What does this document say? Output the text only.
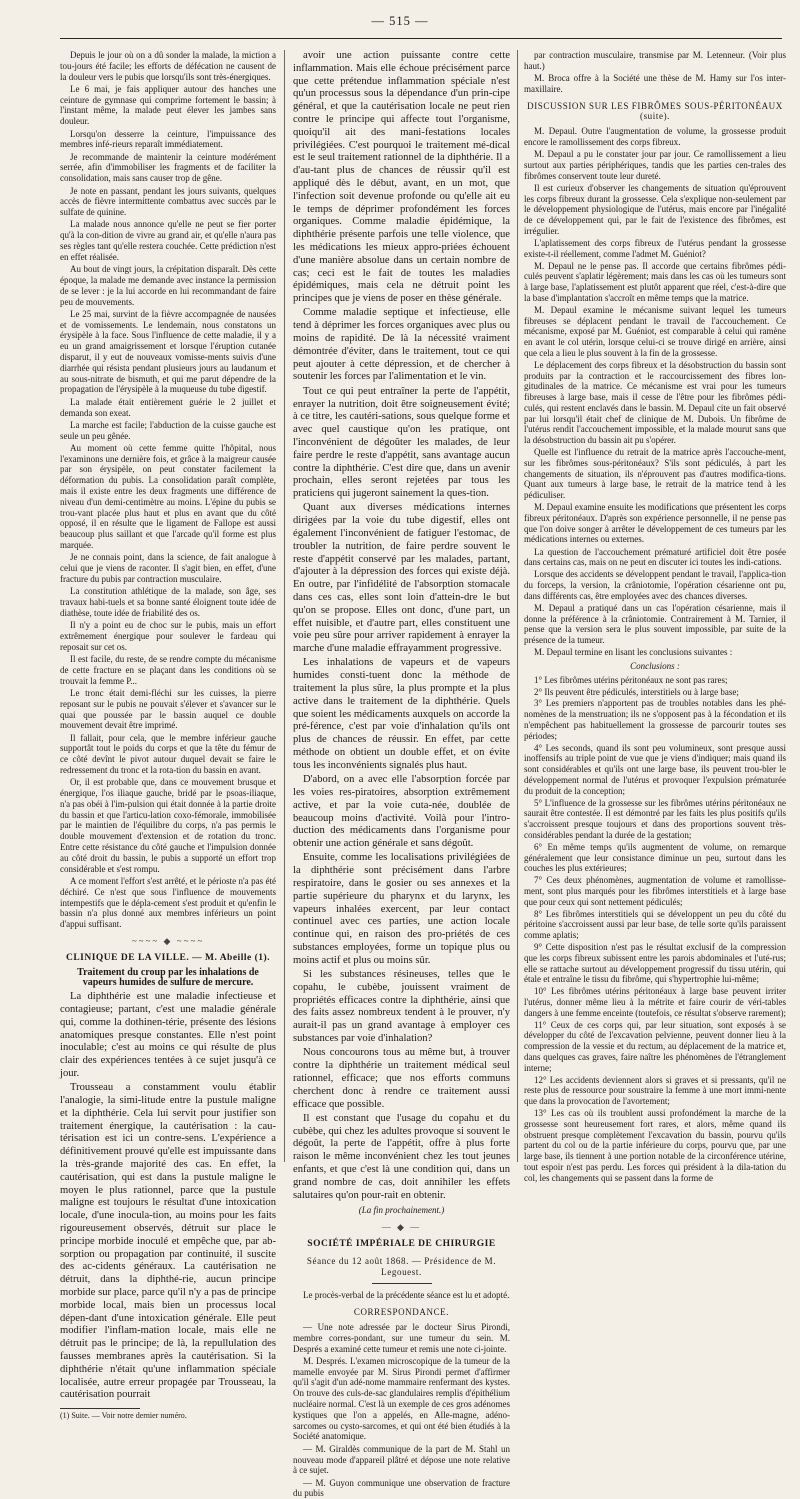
— 515 —

Depuis le jour où on a dû sonder la malade, la miction a tou-jours été facile; les efforts de défécation ne causent de la douleur vers le pubis que lorsqu'ils sont très-énergiques.

Le 6 mai, je fais appliquer autour des hanches une ceinture de gymnase qui comprime fortement le bassin; à l'instant même, la malade peut élever les jambes sans douleur.

Lorsqu'on desserre la ceinture, l'impuissance des membres infé-rieurs reparaît immédiatement.

Je recommande de maintenir la ceinture modérément serrée, afin d'immobiliser les fragments et de faciliter la consolidation, mais sans causer trop de gêne.

Je note en passant, pendant les jours suivants, quelques accès de fièvre intermittente combattus avec succès par le sulfate de quinine.

La malade nous annonce qu'elle ne peut se fier porter qu'à la con-dition de vivre au grand air, et qu'elle n'aura pas ses règles tant qu'elle restera couchée. Cette prédiction n'est en effet réalisée.

Au bout de vingt jours, la crépitation disparaît. Dès cette époque, la malade me demande avec instance la permission de se lever : je la lui accorde en lui recommandant de faire peu de mouvements.

Le 25 mai, survint de la fièvre accompagnée de nausées et de vomissements. Le lendemain, nous constatons un érysipèle à la face. Sous l'influence de cette maladie, il y a eu un grand amaigrissement et lorsque l'éruption cutanée disparut, il y eut de nouveaux vomisse-ments suivis d'une diarrhée qui résista pendant plusieurs jours au laudanum et au sous-nitrate de bismuth, et qui me parut dépendre de la propagation de l'érysipèle à la muqueuse du tube digestif.

La malade était entièrement guérie le 2 juillet et demanda son exeat.

La marche est facile; l'abduction de la cuisse gauche est seule un peu gênée.

Au moment où cette femme quitte l'hôpital, nous l'examinons une dernière fois, et grâce à la maigreur causée par son érysipèle, on peut constater facilement la déformation du pubis. La consolidation paraît complète, mais il existe entre les deux fragments une différence de niveau d'un demi-centimètre au moins. L'épine du pubis se trou-vant placée plus haut et plus en avant que du côté opposé, il en résulte que le ligament de Fallope est aussi beaucoup plus saillant et que l'arcade qu'il forme est plus marquée.

Je ne connais point, dans la science, de fait analogue à celui que je viens de raconter. Il s'agit bien, en effet, d'une fracture du pubis par contraction musculaire.

La constitution athlétique de la malade, son âge, ses travaux habi-tuels et sa bonne santé éloignent toute idée de diathèse, toute idée de friabilité des os.

Il n'y a point eu de choc sur le pubis, mais un effort extrêmement énergique pour soulever le fardeau qui reposait sur cet os.

Il est facile, du reste, de se rendre compte du mécanisme de cette fracture en se plaçant dans les conditions où se trouvait la femme P...

Le tronc était demi-fléchi sur les cuisses, la pierre reposant sur le pubis ne pouvait s'élever et s'avancer sur le quai que poussée par le bassin auquel ce double mouvement devait être imprimé.

Il fallait, pour cela, que le membre inférieur gauche supportât tout le poids du corps et que la tête du fémur de ce côté devînt le pivot autour duquel devait se faire le redressement du tronc et la rota-tion du bassin en avant.

Or, il est probable que, dans ce mouvement brusque et énergique, l'os iliaque gauche, bridé par le psoas-iliaque, n'a pas obéi à l'im-pulsion qui était donnée à la partie droite du bassin et que l'articu-lation coxo-fémorale, immobilisée par le maintien de l'équilibre du corps, n'a pas permis le double mouvement d'extension et de rotation du tronc. Entre cette résistance du côté gauche et l'impulsion donnée au côté droit du bassin, le pubis a supporté un effort trop considérable et s'est rompu.

A ce moment l'effort s'est arrêté, et le périoste n'a pas été déchiré. Ce n'est que sous l'influence de mouvements intempestifs que le dépla-cement s'est produit et qu'enfin le bassin n'a plus donné aux membres inférieurs un point d'appui suffisant.

~~~~ ◆ ~~~~
CLINIQUE DE LA VILLE. — M. Abeille (1).
Traitement du croup par les inhalations de vapeurs humides de sulfure de mercure.

La diphthérie est une maladie infectieuse et contagieuse; partant, c'est une maladie générale qui, comme la dothinen-térie, présente des lésions anatomiques presque constantes. Elle n'est point inoculable; c'est au moins ce qui résulte de plus clair des expériences tentées à ce sujet jusqu'à ce jour.

Trousseau a constamment voulu établir l'analogie, la simi-litude entre la pustule maligne et la diphthérie. Cela lui servit pour justifier son traitement énergique, la cautérisation : la cau-térisation est ici un contre-sens. L'expérience a définitivement prouvé qu'elle est impuissante dans la très-grande majorité des cas. En effet, la cautérisation, qui est dans la pustule maligne le moyen le plus rationnel, parce que la pustule maligne est toujours le résultat d'une intoxication locale, d'une inocula-tion, au moins pour les faits rigoureusement observés, détruit sur place le principe morbide inoculé et empêche que, par ab-sorption ou propagation par continuité, il suscite des ac-cidents généraux. La cautérisation ne détruit, dans la diphthé-rie, aucun principe morbide sur place, parce qu'il n'y a pas de principe morbide local, mais bien un processus local dépen-dant d'une intoxication générale. Elle peut modifier l'inflam-mation locale, mais elle ne détruit pas le principe; de là, la repullulation des fausses membranes après la cautérisation. Si la diphthérie n'était qu'une inflammation spéciale localisée, autre erreur propagée par Trousseau, la cautérisation pourrait

(1) Suite. — Voir notre dernier numéro.

avoir une action puissante contre cette inflammation. Mais elle échoue précisément parce que cette prétendue inflammation spéciale n'est qu'un processus sous la dépendance d'un prin-cipe général, et que la cautérisation locale ne peut rien contre le principe qui affecte tout l'organisme, quoiqu'il ait des mani-festations locales privilégiées. C'est pourquoi le traitement mé-dical est le seul traitement rationnel de la diphthérie. Il a d'au-tant plus de chances de réussir qu'il est appliqué dès le début, avant, en un mot, que l'infection soit devenue profonde ou qu'elle ait eu le temps de déprimer profondément les forces organiques. Comme maladie épidémique, la diphthérie présente parfois une telle violence, que les médications les mieux appro-priées échouent d'une manière absolue dans un certain nombre de cas; ceci est le fait de toutes les maladies épidémiques, mais cela ne détruit point les principes que je viens de poser en thèse générale.

Comme maladie septique et infectieuse, elle tend à déprimer les forces organiques avec plus ou moins de rapidité. De là la nécessité vraiment démontrée d'éviter, dans le traitement, tout ce qui peut ajouter à cette dépression, et de chercher à soutenir les forces par l'alimentation et le vin.

Tout ce qui peut entraîner la perte de l'appétit, enrayer la nutrition, doit être soigneusement évité; à ce titre, les cautéri-sations, sous quelque forme et avec quel caustique qu'on les pratique, ont l'inconvénient de dégoûter les malades, de leur faire perdre le reste d'appétit, sans avantage aucun contre la diphthérie. C'est dire que, dans un avenir prochain, elles seront rejetées par tous les praticiens qui jugeront sainement la ques-tion.

Quant aux diverses médications internes dirigées par la voie du tube digestif, elles ont également l'inconvénient de fatiguer l'estomac, de troubler la nutrition, de faire perdre souvent le reste d'appétit conservé par les malades, partant, d'ajouter à la dépression des forces qui existe déjà. En outre, par l'infidélité de l'absorption stomacale dans ces cas, elles sont loin d'attein-dre le but qu'on se propose. Elles ont donc, d'une part, un effet nuisible, et d'autre part, elles constituent une voie peu sûre pour arriver rapidement à enrayer la marche d'une maladie effrayamment progressive.

Les inhalations de vapeurs et de vapeurs humides consti-tuent donc la méthode de traitement la plus sûre, la plus prompte et la plus active dans le traitement de la diphthérie. Quels que soient les médicaments auxquels on accorde la pré-férence, c'est par voie d'inhalation qu'ils ont plus de chances de réussir. En effet, par cette méthode on obtient un double effet, et on évite tous les inconvénients signalés plus haut.

D'abord, on a avec elle l'absorption forcée par les voies res-piratoires, absorption extrêmement active, et par la voie cuta-née, doublée de beaucoup moins d'activité. Voilà pour l'intro-duction des médicaments dans l'organisme pour obtenir une action générale et sans dégoût.

Ensuite, comme les localisations privilégiées de la diphthérie sont précisément dans l'arbre respiratoire, dans le gosier ou ses annexes et la partie supérieure du pharynx et du larynx, les vapeurs inhalées exercent, par leur contact continuel avec ces parties, une action locale continue qui, en raison des pro-priétés de ces substances employées, forme un topique plus ou moins actif et plus ou moins sûr.

Si les substances résineuses, telles que le copahu, le cubèbe, jouissent vraiment de propriétés efficaces contre la diphthérie, ainsi que des faits assez nombreux tendent à le prouver, n'y aurait-il pas un grand avantage à employer ces substances par voie d'inhalation?

Nous concourons tous au même but, à trouver contre la diphthérie un traitement médical seul rationnel, efficace; que nos efforts communs cherchent donc à rendre ce traitement aussi efficace que possible.

Il est constant que l'usage du copahu et du cubèbe, qui chez les adultes provoque si souvent le dégoût, la perte de l'appétit, offre à plus forte raison le même inconvénient chez les tout jeunes enfants, et que c'est là une condition qui, dans un grand nombre de cas, doit annihiler les effets salutaires qu'on pour-rait en obtenir.

(La fin prochainement.)
— ◆ —
SOCIÉTÉ IMPÉRIALE DE CHIRURGIE
Séance du 12 août 1868. — Présidence de M. Legouest.

Le procès-verbal de la précédente séance est lu et adopté.

CORRESPONDANCE.

— Une note adressée par le docteur Sirus Pirondi, membre corres-pondant, sur une tumeur du sein. M. Després a examiné cette tumeur et remis une note ci-jointe.

M. Després. L'examen microscopique de la tumeur de la mamelle envoyée par M. Sirus Pirondi permet d'affirmer qu'il s'agit d'un adé-nome mammaire renfermant des kystes. On trouve des culs-de-sac glandulaires remplis d'épithélium nucléaire normal. C'est là un exemple de ces gros adénomes kystiques que l'on a appelés, en Alle-magne, adéno-sarcomes ou cysto-sarcomes, et qui ont été bien étudiés à la Société anatomique.

— M. Giraldès communique de la part de M. Stahl un nouveau mode d'appareil plâtré et dépose une note relative à ce sujet.

— M. Guyon communique une observation de fracture du pubis

par contraction musculaire, transmise par M. Letenneur. (Voir plus haut.)

M. Broca offre à la Société une thèse de M. Hamy sur l'os inter-maxillaire.

DISCUSSION SUR LES FIBRÔMES SOUS-PÉRITONÉAUX (suite).

M. Depaul. Outre l'augmentation de volume, la grossesse produit encore le ramollissement des corps fibreux.

M. Depaul a pu le constater jour par jour. Ce ramollissement a lieu surtout aux parties périphériques, tandis que les parties cen-trales des fibrômes conservent toute leur dureté.

Il est curieux d'observer les changements de situation qu'éprouvent les corps fibreux durant la grossesse. Cela s'explique non-seulement par le développement physiologique de l'utérus, mais encore par l'inégalité de ce développement qui, par le fait de l'existence des fibrômes, est irrégulier.

L'aplatissement des corps fibreux de l'utérus pendant la grossesse existe-t-il réellement, comme l'admet M. Guéniot?

M. Depaul ne le pense pas. Il accorde que certains fibrômes pédi-culés peuvent s'aplatir légèrement; mais dans les cas où les tumeurs sont à large base, l'aplatissement est plutôt apparent que réel, c'est-à-dire que la base d'implantation s'accroît en même temps que la matrice.

M. Depaul examine le mécanisme suivant lequel les tumeurs fibreuses se déplacent pendant le travail de l'accouchement. Ce mécanisme, exposé par M. Guéniot, est comparable à celui qui ramène en avant le col utérin, lorsque celui-ci se trouve dirigé en arrière, ainsi que cela a lieu le plus souvent à la fin de la grossesse.

Le déplacement des corps fibreux et la désobstruction du bassin sont produits par la contraction et le raccourcissement des fibres lon-gitudinales de la matrice. Ce mécanisme est vrai pour les tumeurs fibreuses à large base, mais il cesse de l'être pour les fibrômes pédi-culés, qui restent enclavés dans le bassin. M. Depaul cite un fait observé par lui lorsqu'il était chef de clinique de M. Dubois. Un fibrôme de l'utérus rendit l'accouchement impossible, et la malade mourut sans que la désobstruction du bassin ait pu s'opérer.

Quelle est l'influence du retrait de la matrice après l'accouche-ment, sur les fibrômes sous-péritonéaux? S'ils sont pédiculés, à part les changements de situation, ils n'éprouvent pas d'autres modifica-tions. Quant aux tumeurs à large base, le retrait de la matrice tend à les pédiculiser.

M. Depaul examine ensuite les modifications que présentent les corps fibreux péritonéaux. D'après son expérience personnelle, il ne pense pas que l'on doive songer à arrêter le développement de ces tumeurs par les médications internes ou externes.

La question de l'accouchement prématuré artificiel doit être posée dans certains cas, mais on ne peut en discuter ici toutes les indi-cations.

Lorsque des accidents se développent pendant le travail, l'applica-tion du forceps, la version, la crâniotomie, l'opération césarienne ont pu, dans différents cas, être employées avec des chances diverses.

M. Depaul a pratiqué dans un cas l'opération césarienne, mais il donne la préférence à la crâniotomie. Contrairement à M. Tarnier, il pense que la version sera le plus souvent impossible, par suite de la présence de la tumeur.

M. Depaul termine en lisant les conclusions suivantes :

Conclusions :

1° Les fibrômes utérins péritonéaux ne sont pas rares;

2° Ils peuvent être pédiculés, interstitiels ou à large base;

3° Les premiers n'apportent pas de troubles notables dans les phé-nomènes de la menstruation; ils ne s'opposent pas à la fécondation et ils n'empêchent pas habituellement la grossesse de parcourir toutes ses périodes;

4° Les seconds, quand ils sont peu volumineux, sont presque aussi inoffensifs au triple point de vue que je viens d'indiquer; mais quand ils sont considérables et qu'ils ont une large base, ils peuvent trou-bler le développement normal de l'utérus et provoquer l'expulsion prématurée du produit de la conception;

5° L'influence de la grossesse sur les fibrômes utérins péritonéaux ne saurait être contestée. Il est démontré par les faits les plus positifs qu'ils s'accroissent presque toujours et dans des proportions souvent très-considérables pendant la durée de la gestation;

6° En même temps qu'ils augmentent de volume, on remarque généralement que leur consistance diminue un peu, surtout dans les couches les plus extérieures;

7° Ces deux phénomènes, augmentation de volume et ramollisse-ment, sont plus marqués pour les fibrômes interstitiels et à large base que pour ceux qui sont nettement pédiculés;

8° Les fibrômes interstitiels qui se développent un peu du côté du péritoine s'accroissent aussi par leur base, de telle sorte qu'ils paraissent comme aplatis;

9° Cette disposition n'est pas le résultat exclusif de la compression que les corps fibreux subissent entre les parois abdominales et l'uté-rus; elle se rattache surtout au développement progressif du tissu utérin, qui étale et entraîne le tissu du fibrôme, qui s'hypertrophie lui-même;

10° Les fibrômes utérins péritonéaux à large base peuvent irriter l'utérus, donner même lieu à la métrite et faire courir de véri-tables dangers à une femme enceinte (toutefois, ce résultat s'observe rarement);

11° Ceux de ces corps qui, par leur situation, sont exposés à se développer du côté de l'excavation pelvienne, peuvent donner lieu à la compression de la vessie et du rectum, au déplacement de la matrice et, dans quelques cas graves, faire naître les phénomènes de l'étranglement interne;

12° Les accidents deviennent alors si graves et si pressants, qu'il ne reste plus de ressource pour soustraire la femme à une mort immi-nente que dans la provocation de l'avortement;

13° Les cas où ils troublent aussi profondément la marche de la grossesse sont heureusement fort rares, et alors, même quand ils obstruent presque complètement l'excavation du bassin, pourvu qu'ils partent du col ou de la partie inférieure du corps, pourvu que, par une large base, ils tiennent à une portion notable de la circonférence utérine, tout espoir n'est pas perdu. Les forces qui président à la dila-tation du col, les changements qui se passent dans la forme de
